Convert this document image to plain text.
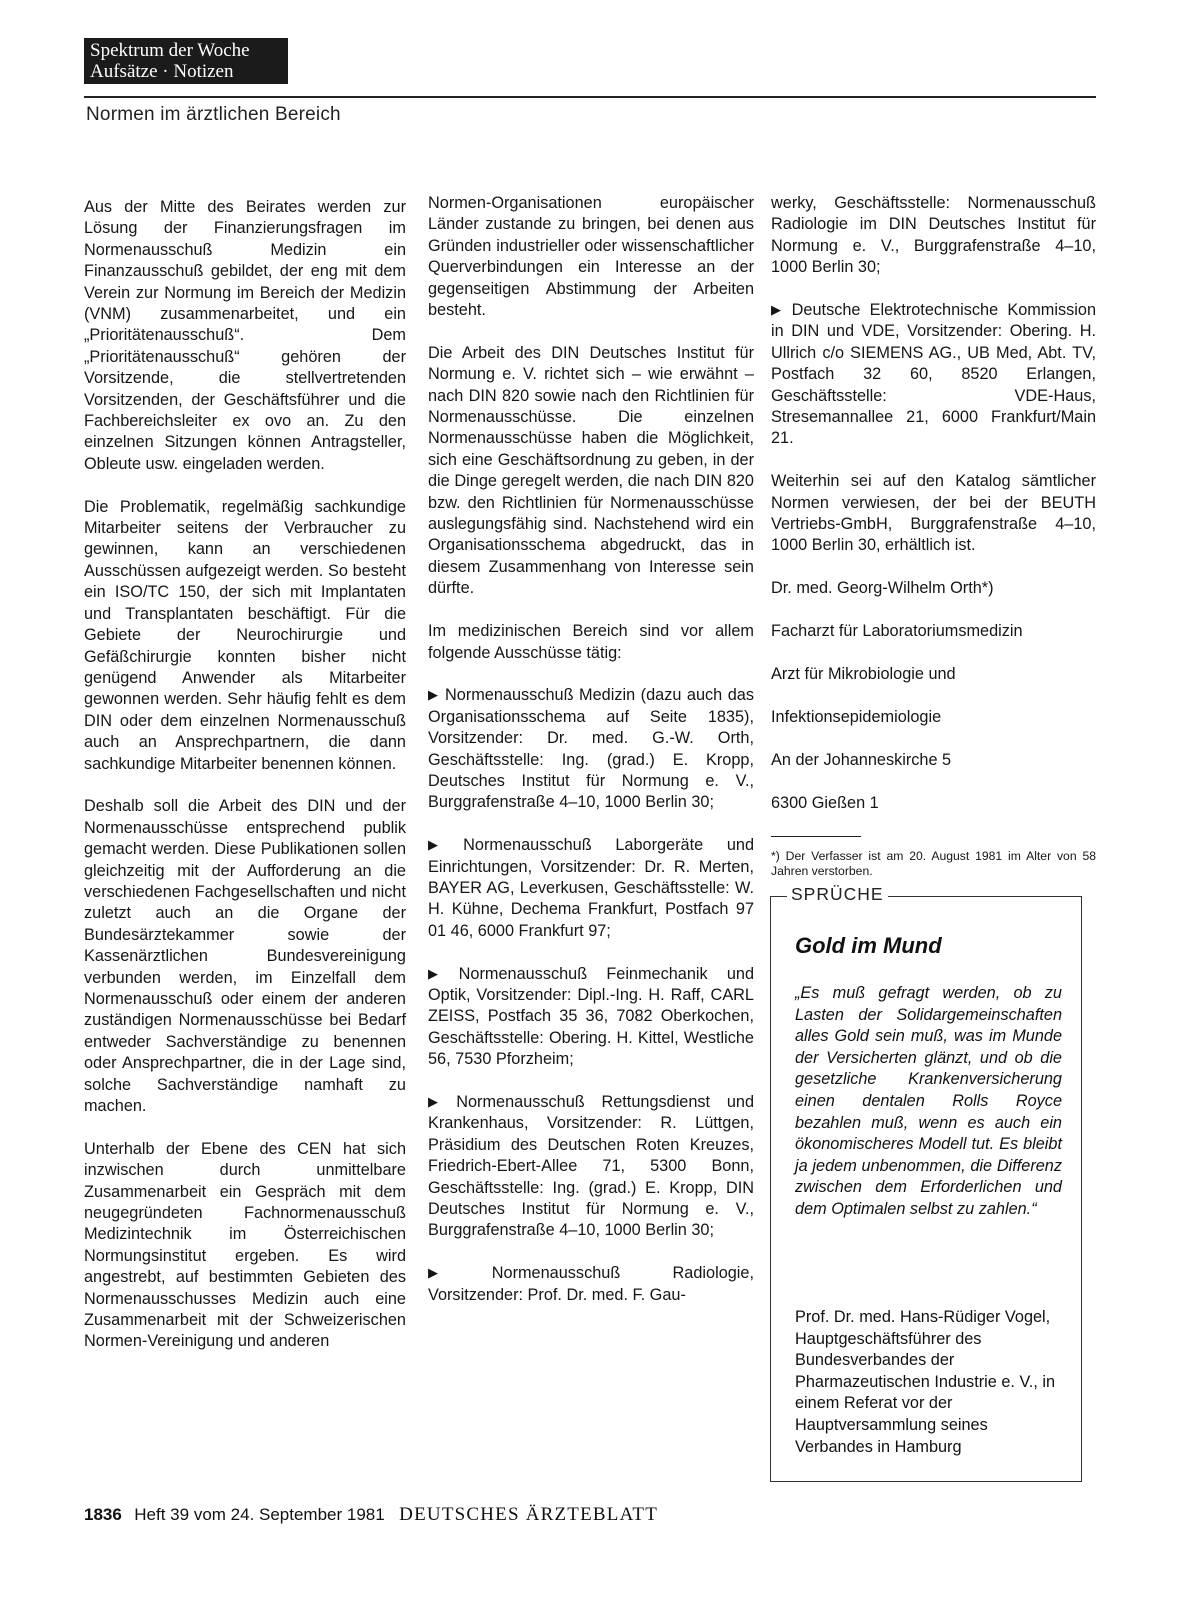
Spektrum der Woche
Aufsätze · Notizen
Normen im ärztlichen Bereich

Aus der Mitte des Beirates werden zur Lösung der Finanzierungsfragen im Normenausschuß Medizin ein Finanzausschuß gebildet, der eng mit dem Verein zur Normung im Bereich der Medizin (VNM) zusammenarbeitet, und ein „Prioritätenausschuß“. Dem „Prioritätenausschuß“ gehören der Vorsitzende, die stellvertretenden Vorsitzenden, der Geschäftsführer und die Fachbereichsleiter ex ovo an. Zu den einzelnen Sitzungen können Antragsteller, Obleute usw. eingeladen werden.

Die Problematik, regelmäßig sachkundige Mitarbeiter seitens der Verbraucher zu gewinnen, kann an verschiedenen Ausschüssen aufgezeigt werden. So besteht ein ISO/TC 150, der sich mit Implantaten und Transplantaten beschäftigt. Für die Gebiete der Neurochirurgie und Gefäßchirurgie konnten bisher nicht genügend Anwender als Mitarbeiter gewonnen werden. Sehr häufig fehlt es dem DIN oder dem einzelnen Normenausschuß auch an Ansprechpartnern, die dann sachkundige Mitarbeiter benennen können.

Deshalb soll die Arbeit des DIN und der Normenausschüsse entsprechend publik gemacht werden. Diese Publikationen sollen gleichzeitig mit der Aufforderung an die verschiedenen Fachgesellschaften und nicht zuletzt auch an die Organe der Bundesärztekammer sowie der Kassenärztlichen Bundesvereinigung verbunden werden, im Einzelfall dem Normenausschuß oder einem der anderen zuständigen Normenausschüsse bei Bedarf entweder Sachverständige zu benennen oder Ansprechpartner, die in der Lage sind, solche Sachverständige namhaft zu machen.

Unterhalb der Ebene des CEN hat sich inzwischen durch unmittelbare Zusammenarbeit ein Gespräch mit dem neugegründeten Fachnormenausschuß Medizintechnik im Österreichischen Normungsinstitut ergeben. Es wird angestrebt, auf bestimmten Gebieten des Normenausschusses Medizin auch eine Zusammenarbeit mit der Schweizerischen Normen-Vereinigung und anderen

Normen-Organisationen europäischer Länder zustande zu bringen, bei denen aus Gründen industrieller oder wissenschaftlicher Querverbindungen ein Interesse an der gegenseitigen Abstimmung der Arbeiten besteht.

Die Arbeit des DIN Deutsches Institut für Normung e. V. richtet sich – wie erwähnt – nach DIN 820 sowie nach den Richtlinien für Normenausschüsse. Die einzelnen Normenausschüsse haben die Möglichkeit, sich eine Geschäftsordnung zu geben, in der die Dinge geregelt werden, die nach DIN 820 bzw. den Richtlinien für Normenausschüsse auslegungsfähig sind. Nachstehend wird ein Organisationsschema abgedruckt, das in diesem Zusammenhang von Interesse sein dürfte.

Im medizinischen Bereich sind vor allem folgende Ausschüsse tätig:

▶ Normenausschuß Medizin (dazu auch das Organisationsschema auf Seite 1835), Vorsitzender: Dr. med. G.-W. Orth, Geschäftsstelle: Ing. (grad.) E. Kropp, Deutsches Institut für Normung e. V., Burggrafenstraße 4–10, 1000 Berlin 30;

▶ Normenausschuß Laborgeräte und Einrichtungen, Vorsitzender: Dr. R. Merten, BAYER AG, Leverkusen, Geschäftsstelle: W. H. Kühne, Dechema Frankfurt, Postfach 97 01 46, 6000 Frankfurt 97;

▶ Normenausschuß Feinmechanik und Optik, Vorsitzender: Dipl.-Ing. H. Raff, CARL ZEISS, Postfach 35 36, 7082 Oberkochen, Geschäftsstelle: Obering. H. Kittel, Westliche 56, 7530 Pforzheim;

▶ Normenausschuß Rettungsdienst und Krankenhaus, Vorsitzender: R. Lüttgen, Präsidium des Deutschen Roten Kreuzes, Friedrich-Ebert-Allee 71, 5300 Bonn, Geschäftsstelle: Ing. (grad.) E. Kropp, DIN Deutsches Institut für Normung e. V., Burggrafenstraße 4–10, 1000 Berlin 30;

▶ Normenausschuß Radiologie, Vorsitzender: Prof. Dr. med. F. Gau-

werky, Geschäftsstelle: Normenausschuß Radiologie im DIN Deutsches Institut für Normung e. V., Burggrafenstraße 4–10, 1000 Berlin 30;

▶ Deutsche Elektrotechnische Kommission in DIN und VDE, Vorsitzender: Obering. H. Ullrich c/o SIEMENS AG., UB Med, Abt. TV, Postfach 32 60, 8520 Erlangen, Geschäftsstelle: VDE-Haus, Stresemannallee 21, 6000 Frankfurt/Main 21.

Weiterhin sei auf den Katalog sämtlicher Normen verwiesen, der bei der BEUTH Vertriebs-GmbH, Burggrafenstraße 4–10, 1000 Berlin 30, erhältlich ist.

Dr. med. Georg-Wilhelm Orth*)

Facharzt für Laboratoriumsmedizin

Arzt für Mikrobiologie und

Infektionsepidemiologie

An der Johanneskirche 5

6300 Gießen 1

*) Der Verfasser ist am 20. August 1981 im Alter von 58 Jahren verstorben.

SPRÜCHE
Gold im Mund

„Es muß gefragt werden, ob zu Lasten der Solidargemeinschaften alles Gold sein muß, was im Munde der Versicherten glänzt, und ob die gesetzliche Krankenversicherung einen dentalen Rolls Royce bezahlen muß, wenn es auch ein ökonomischeres Modell tut. Es bleibt ja jedem unbenommen, die Differenz zwischen dem Erforderlichen und dem Optimalen selbst zu zahlen.“

Prof. Dr. med. Hans-Rüdiger Vogel, Hauptgeschäftsführer des Bundesverbandes der Pharmazeutischen Industrie e. V., in einem Referat vor der Hauptversammlung seines Verbandes in Hamburg

1836 Heft 39 vom 24. September 1981 DEUTSCHES ÄRZTEBLATT
